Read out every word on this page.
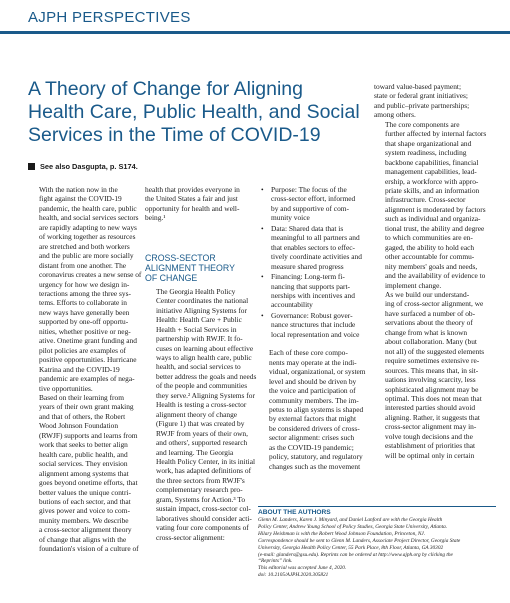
AJPH PERSPECTIVES
A Theory of Change for Aligning
Health Care, Public Health, and Social
Services in the Time of COVID-19
See also Dasgupta, p. S174.

With the nation now in the
fight against the COVID-19
pandemic, the health care, public
health, and social services sectors
are rapidly adapting to new ways
of working together as resources
are stretched and both workers
and the public are more socially
distant from one another. The
coronavirus creates a new sense of
urgency for how we design in-
teractions among the three sys-
tems. Efforts to collaborate in
new ways have generally been
supported by one-off opportu-
nities, whether positive or neg-
ative. Onetime grant funding and
pilot policies are examples of
positive opportunities. Hurricane
Katrina and the COVID-19
pandemic are examples of nega-
tive opportunities.

Based on their learning from
years of their own grant making
and that of others, the Robert
Wood Johnson Foundation
(RWJF) supports and learns from
work that seeks to better align
health care, public health, and
social services. They envision
alignment among systems that
goes beyond onetime efforts, that
better values the unique contri-
butions of each sector, and that
gives power and voice to com-
munity members. We describe
a cross-sector alignment theory
of change that aligns with the
foundation's vision of a culture of

health that provides everyone in
the United States a fair and just
opportunity for health and well-
being.¹

CROSS-SECTOR
ALIGNMENT THEORY
OF CHANGE

The Georgia Health Policy
Center coordinates the national
initiative Aligning Systems for
Health: Health Care + Public
Health + Social Services in
partnership with RWJF. It fo-
cuses on learning about effective
ways to align health care, public
health, and social services to
better address the goals and needs
of the people and communities
they serve.² Aligning Systems for
Health is testing a cross-sector
alignment theory of change
(Figure 1) that was created by
RWJF from years of their own,
and others', supported research
and learning. The Georgia
Health Policy Center, in its initial
work, has adapted definitions of
the three sectors from RWJF's
complementary research pro-
gram, Systems for Action.³ To
sustain impact, cross-sector col-
laboratives should consider acti-
vating four core components of
cross-sector alignment:

• Purpose: The focus of the
cross-sector effort, informed
by and supportive of com-
munity voice
• Data: Shared data that is
meaningful to all partners and
that enables sectors to effec-
tively coordinate activities and
measure shared progress
• Financing: Long-term fi-
nancing that supports part-
nerships with incentives and
accountability
• Governance: Robust gover-
nance structures that include
local representation and voice

Each of these core compo-
nents may operate at the indi-
vidual, organizational, or system
level and should be driven by
the voice and participation of
community members. The im-
petus to align systems is shaped
by external factors that might
be considered drivers of cross-
sector alignment: crises such
as the COVID-19 pandemic;
policy, statutory, and regulatory
changes such as the movement

toward value-based payment;
state or federal grant initiatives;
and public–private partnerships;
among others.

The core components are
further affected by internal factors
that shape organizational and
system readiness, including
backbone capabilities, financial
management capabilities, lead-
ership, a workforce with appro-
priate skills, and an information
infrastructure. Cross-sector
alignment is moderated by factors
such as individual and organiza-
tional trust, the ability and degree
to which communities are en-
gaged, the ability to hold each
other accountable for commu-
nity members' goals and needs,
and the availability of evidence to
implement change.

As we build our understand-
ing of cross-sector alignment, we
have surfaced a number of ob-
servations about the theory of
change from what is known
about collaboration. Many (but
not all) of the suggested elements
require sometimes extensive re-
sources. This means that, in sit-
uations involving scarcity, less
sophisticated alignment may be
optimal. This does not mean that
interested parties should avoid
aligning. Rather, it suggests that
cross-sector alignment may in-
volve tough decisions and the
establishment of priorities that
will be optimal only in certain

ABOUT THE AUTHORS

Glenn M. Landers, Karen J. Minyard, and Daniel Lanford are with the Georgia Health
Policy Center, Andrew Young School of Policy Studies, Georgia State University, Atlanta.
Hilary Heishman is with the Robert Wood Johnson Foundation, Princeton, NJ.
Correspondence should be sent to Glenn M. Landers, Associate Project Director, Georgia State
University, Georgia Health Policy Center, 55 Park Place, 8th Floor, Atlanta, GA 30302
(e-mail: glanders@gsu.edu). Reprints can be ordered at http://www.ajph.org by clicking the
“Reprints” link.
This editorial was accepted June 4, 2020.
doi: 10.2105/AJPH.2020.305821
